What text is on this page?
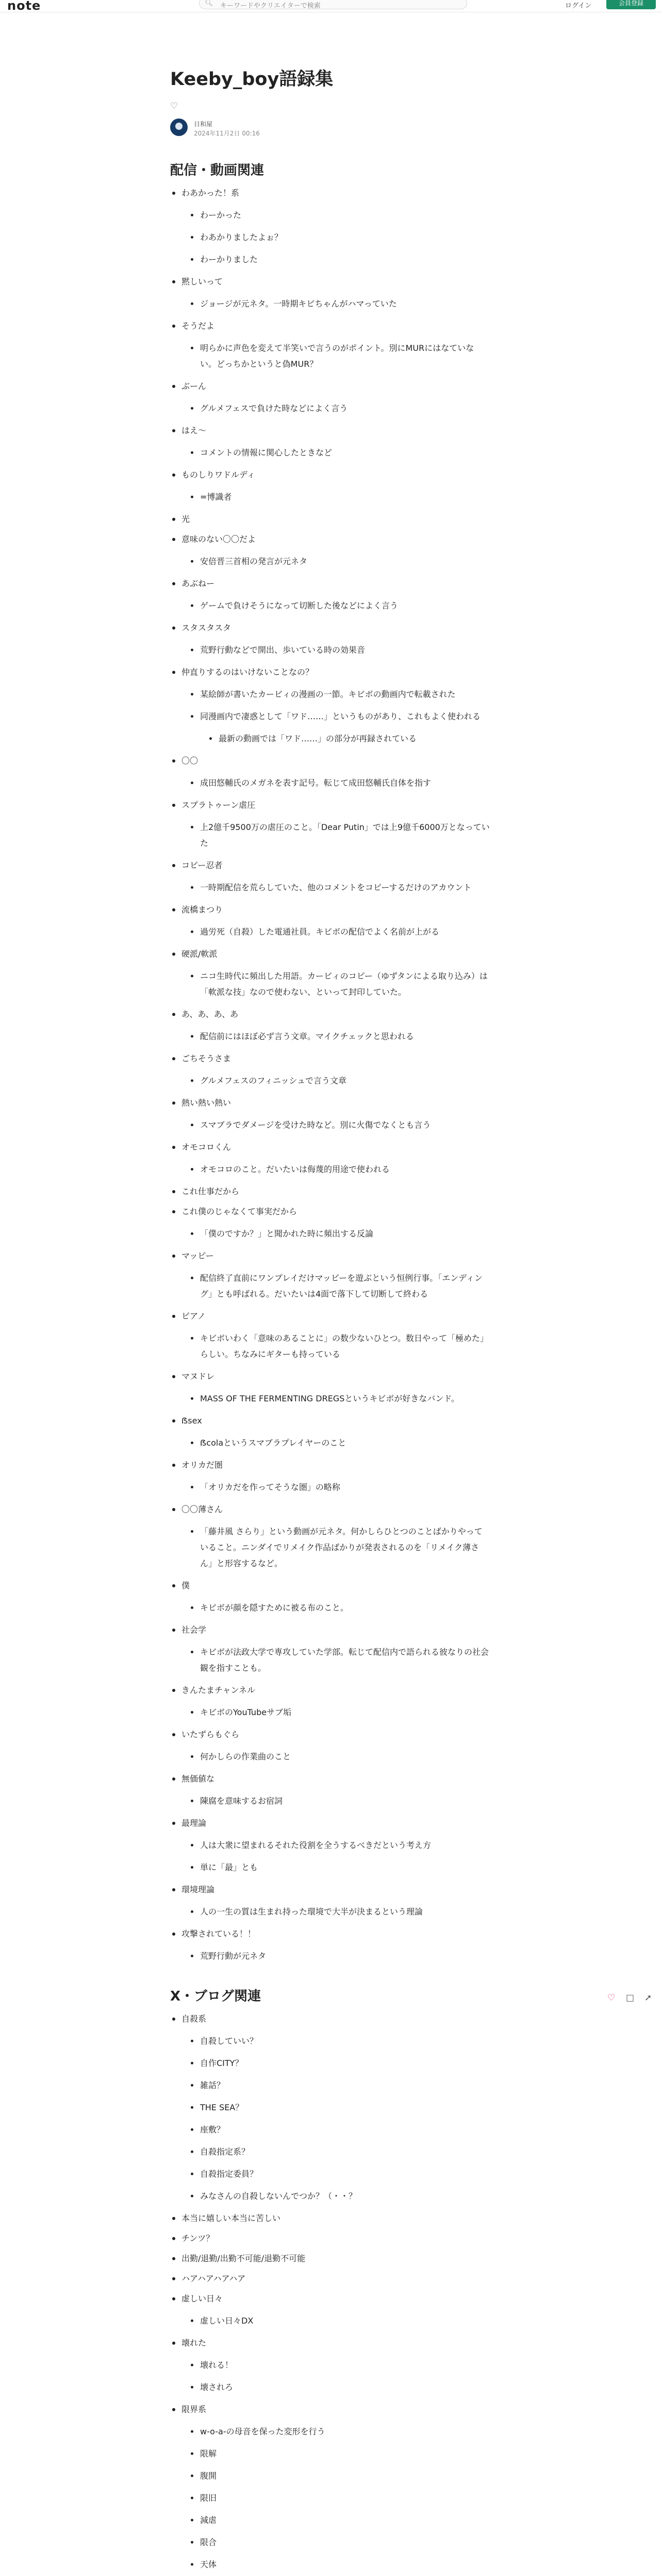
note	🔍︎ キーワードやクリエイターで検索	ログイン	会員登録
Keeby_boy語録集
♡
日和屋
2024年11月2日 00:16
配信・動画関連
わあかった！系
わーかった
わあかりましたよぉ？
わーかりました
黙しいって
ジョージが元ネタ。一時期キビちゃんがハマっていた
そうだよ
明らかに声色を変えて半笑いで言うのがポイント。別にMURにはなていない。どっちかというと偽MUR？
ぶーん
グルメフェスで負けた時などによく言う
はえ〜
コメントの情報に関心したときなど
ものしりワドルディ
=博識者
光
意味のない〇〇だよ
安倍晋三首相の発言が元ネタ
あぶねー
ゲームで負けそうになって切断した後などによく言う
スタスタスタ
荒野行動などで開出、歩いている時の効果音
仲直りするのはいけないことなの？
某絵師が書いたカービィの漫画の一節。キビボの動画内で転載された
同漫画内で凄惑として「ワド……」というものがあり、これもよく使われる
最新の動画では「ワド……」の部分が再録されている
〇〇
成田悠輔氏のメガネを表す記号。転じて成田悠輔氏自体を指す
スプラトゥーン虐圧
上2億千9500万の虐圧のこと。「Dear Putin」では上9億千6000万となっていた
コピー忍者
一時期配信を荒らしていた、他のコメントをコピーするだけのアカウント
流橋まつり
過労死（自殺）した電通社員。キビボの配信でよく名前が上がる
硬派/軟派
ニコ生時代に頻出した用語。カービィのコピー（ゆずタンによる取り込み）は「軟派な技」なので使わない、といって封印していた。
あ、あ、あ、あ
配信前にはほぼ必ず言う文章。マイクチェックと思われる
ごちそうさま
グルメフェスのフィニッシュで言う文章
熱い熱い熱い
スマブラでダメージを受けた時など。別に火傷でなくとも言う
オモコロくん
オモコロのこと。だいたいは侮蔑的用途で使われる
これ仕事だから
これ僕のじゃなくて事実だから
「僕のですか？」と聞かれた時に頻出する反論
マッピー
配信終了直前にワンプレイだけマッピーを遊ぶという恒例行事。「エンディング」とも呼ばれる。だいたいは4面で落下して切断して終わる
ピアノ
キビボいわく「意味のあることに」の数少ないひとつ。数日やって「極めた」らしい。ちなみにギターも持っている
マヌドレ
MASS OF THE FERMENTING DREGSというキビボが好きなバンド。
ẞsex
ẞcolaというスマブラプレイヤーのこと
オリカだ圏
「オリカだを作ってそうな圏」の略称
〇〇薄さん
「藤井風 さらり」という動画が元ネタ。何かしらひとつのことばかりやっていること。ニンダイでリメイク作品ばかりが発表されるのを「リメイク薄さん」と形容するなど。
僕
キビボが顔を隠すために被る布のこと。
社会学
キビボが法政大学で専攻していた学部。転じて配信内で語られる彼なりの社会観を指すことも。
きんたまチャンネル
キビボのYouTubeサブ垢
いたずらもぐら
何かしらの作業曲のこと
無価値な
陳腐を意味するお宿詞
最理論
人は大衆に望まれるそれた役割を全うするべきだという考え方
単に「最」とも
環境理論
人の一生の質は生まれ持った環境で大半が決まるという理論
攻撃されている！！
荒野行動が元ネタ
X・ブログ関連
自殺系
自殺していい？
自作CITY？
雑話？
THE SEA？
座敷？
自殺指定系？
自殺指定委員？
みなさんの自殺しないんでつか？（・・？
本当に嬉しい本当に苦しい
チンツ？
出勤/退勤/出勤不可能/退勤不可能
ハアハアハアハア
虚しい日々
虚しい日々DX
壊れた
壊れる！
壊されろ
限界系
w-o-a-の母音を保った変形を行う
限解
腹開
限旧
減虐
限合
天体
♡ □ ➚
